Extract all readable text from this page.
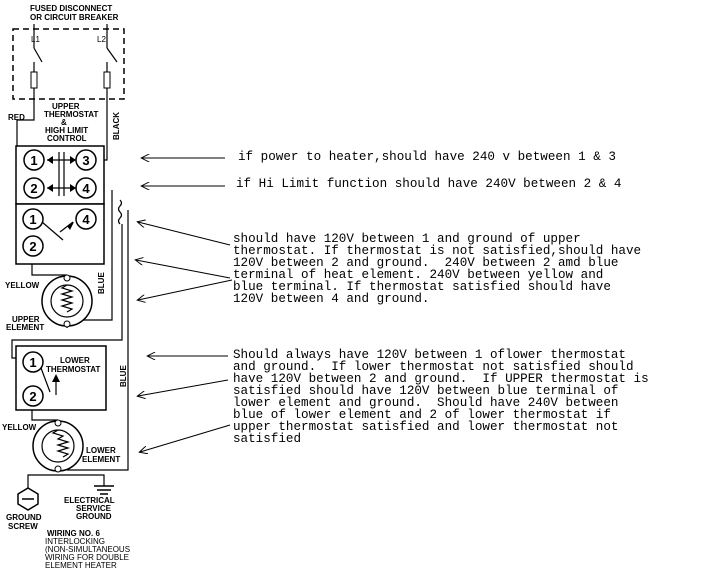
FUSED DISCONNECT
OR CIRCUIT BREAKER
L1	L2
UPPER
THERMOSTAT
&
HIGH LIMIT
CONTROL
RED	BLACK
1	3
2	4
1	4
2
YELLOW	BLUE
UPPER
ELEMENT
LOWER
THERMOSTAT
1
2
BLUE
YELLOW
LOWER
ELEMENT
GROUND
SCREW
ELECTRICAL
SERVICE
GROUND
WIRING NO. 6
INTERLOCKING
(NON-SIMULTANEOUS
WIRING FOR DOUBLE
ELEMENT HEATER

if power to heater,should have 240 v between 1 & 3

if Hi Limit function should have 240V between 2 & 4

should have 120V between 1 and ground of upper
thermostat. If thermostat is not satisfied,should have
120V between 2 and ground.  240V between 2 amd blue
terminal of heat element. 240V between yellow and
blue terminal. If thermostat satisfied should have
120V between 4 and ground.

Should always have 120V between 1 oflower thermostat
and ground.  If lower thermostat not satisfied should
have 120V between 2 and ground.  If UPPER thermostat is
satisfied should have 120V between blue terminal of
lower element and ground.  Should have 240V between
blue of lower element and 2 of lower thermostat if
upper thermostat satisfied and lower thermostat not
satisfied
